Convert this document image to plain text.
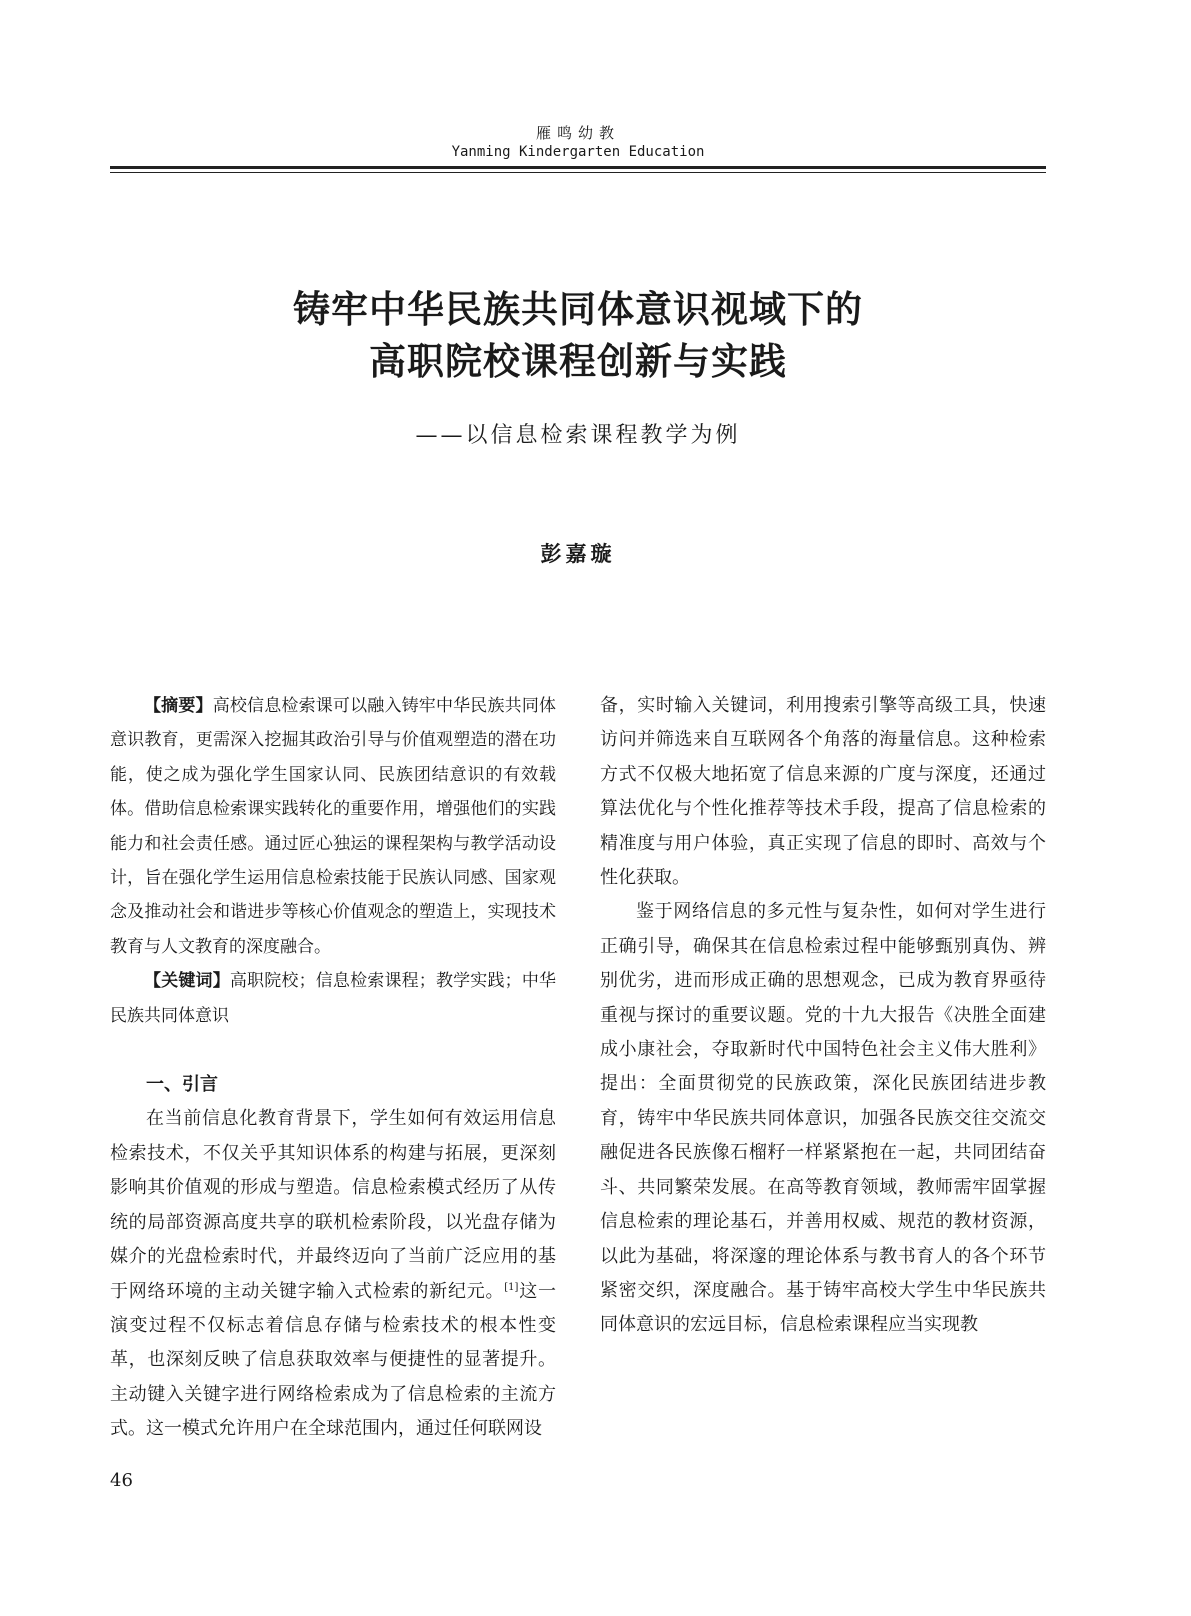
雁鸣幼教
Yanming Kindergarten Education
铸牢中华民族共同体意识视域下的
高职院校课程创新与实践
——以信息检索课程教学为例
彭嘉璇

【摘要】高校信息检索课可以融入铸牢中华民族共同体意识教育，更需深入挖掘其政治引导与价值观塑造的潜在功能，使之成为强化学生国家认同、民族团结意识的有效载体。借助信息检索课实践转化的重要作用，增强他们的实践能力和社会责任感。通过匠心独运的课程架构与教学活动设计，旨在强化学生运用信息检索技能于民族认同感、国家观念及推动社会和谐进步等核心价值观念的塑造上，实现技术教育与人文教育的深度融合。

【关键词】高职院校；信息检索课程；教学实践；中华民族共同体意识

一、引言

在当前信息化教育背景下，学生如何有效运用信息检索技术，不仅关乎其知识体系的构建与拓展，更深刻影响其价值观的形成与塑造。信息检索模式经历了从传统的局部资源高度共享的联机检索阶段，以光盘存储为媒介的光盘检索时代，并最终迈向了当前广泛应用的基于网络环境的主动关键字输入式检索的新纪元。[1]这一演变过程不仅标志着信息存储与检索技术的根本性变革，也深刻反映了信息获取效率与便捷性的显著提升。主动键入关键字进行网络检索成为了信息检索的主流方式。这一模式允许用户在全球范围内，通过任何联网设

备，实时输入关键词，利用搜索引擎等高级工具，快速访问并筛选来自互联网各个角落的海量信息。这种检索方式不仅极大地拓宽了信息来源的广度与深度，还通过算法优化与个性化推荐等技术手段，提高了信息检索的精准度与用户体验，真正实现了信息的即时、高效与个性化获取。

鉴于网络信息的多元性与复杂性，如何对学生进行正确引导，确保其在信息检索过程中能够甄别真伪、辨别优劣，进而形成正确的思想观念，已成为教育界亟待重视与探讨的重要议题。党的十九大报告《决胜全面建成小康社会，夺取新时代中国特色社会主义伟大胜利》提出：全面贯彻党的民族政策，深化民族团结进步教育，铸牢中华民族共同体意识，加强各民族交往交流交融促进各民族像石榴籽一样紧紧抱在一起，共同团结奋斗、共同繁荣发展。在高等教育领域，教师需牢固掌握信息检索的理论基石，并善用权威、规范的教材资源，以此为基础，将深邃的理论体系与教书育人的各个环节紧密交织，深度融合。基于铸牢高校大学生中华民族共同体意识的宏远目标，信息检索课程应当实现教

46
